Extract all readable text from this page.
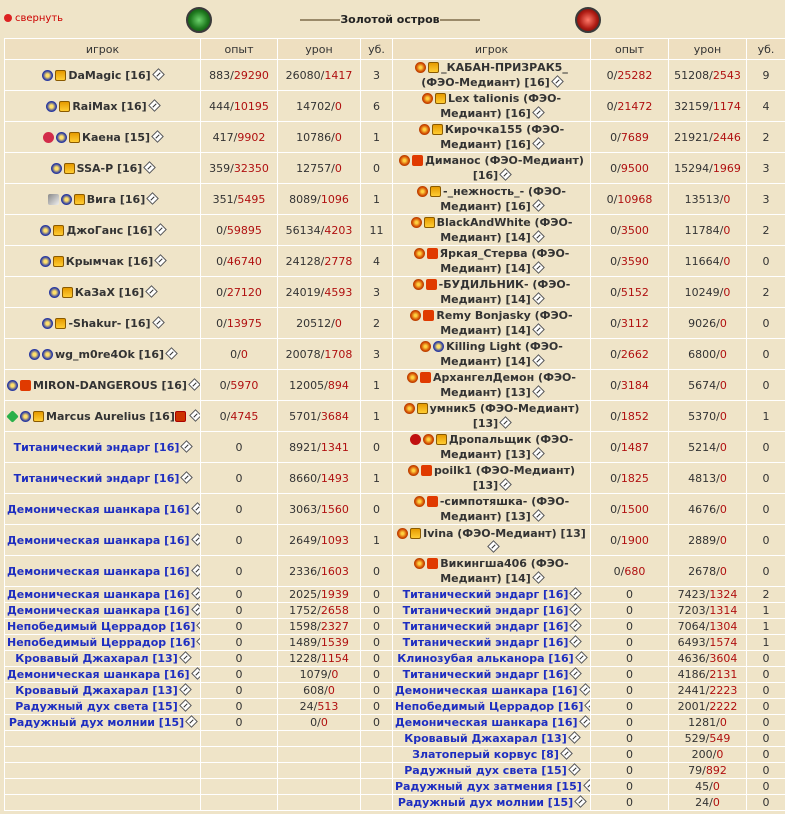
свернуть	Золотой остров
игрок	опыт	урон	уб.	игрок	опыт	урон	уб.
DaMagic [16]	883/29290	26080/1417	3	_КАБАН-ПРИЗРАК5_ (ФЭО-Медиант) [16]	0/25282	51208/2543	9
RaiMax [16]	444/10195	14702/0	6	Lex talionis (ФЭО-Медиант) [16]	0/21472	32159/1174	4
Каена [15]	417/9902	10786/0	1	Кирочка155 (ФЭО-Медиант) [16]	0/7689	21921/2446	2
SSA-P [16]	359/32350	12757/0	0	Диманос (ФЭО-Медиант) [16]	0/9500	15294/1969	3
Вига [16]	351/5495	8089/1096	1	-_нежность_- (ФЭО-Медиант) [16]	0/10968	13513/0	3
ДжоГанс [16]	0/59895	56134/4203	11	BlackAndWhite (ФЭО-Медиант) [14]	0/3500	11784/0	2
Крымчак [16]	0/46740	24128/2778	4	Яркая_Стерва (ФЭО-Медиант) [14]	0/3590	11664/0	0
КаЗаХ [16]	0/27120	24019/4593	3	-БУДИЛЬНИК- (ФЭО-Медиант) [14]	0/5152	10249/0	2
-Shakur- [16]	0/13975	20512/0	2	Remy Bonjasky (ФЭО-Медиант) [14]	0/3112	9026/0	0
wg_m0re4Ok [16]	0/0	20078/1708	3	Killing Light (ФЭО-Медиант) [14]	0/2662	6800/0	0
MIRON-DANGEROUS [16]	0/5970	12005/894	1	АрхангелДемон (ФЭО-Медиант) [13]	0/3184	5674/0	0
Marcus Aurelius [16]	0/4745	5701/3684	1	умник5 (ФЭО-Медиант) [13]	0/1852	5370/0	1
Титанический эндарг [16]	0	8921/1341	0	Дропальщик (ФЭО-Медиант) [13]	0/1487	5214/0	0
Титанический эндарг [16]	0	8660/1493	1	poilk1 (ФЭО-Медиант) [13]	0/1825	4813/0	0
Демоническая шанкара [16]	0	3063/1560	0	-симпотяшка- (ФЭО-Медиант) [13]	0/1500	4676/0	0
Демоническая шанкара [16]	0	2649/1093	1	Ivina (ФЭО-Медиант) [13]	0/1900	2889/0	0
Демоническая шанкара [16]	0	2336/1603	0	Викингша406 (ФЭО-Медиант) [14]	0/680	2678/0	0
Демоническая шанкара [16]	0	2025/1939	0	Титанический эндарг [16]	0	7423/1324	2
Демоническая шанкара [16]	0	1752/2658	0	Титанический эндарг [16]	0	7203/1314	1
Непобедимый Церрадор [16]	0	1598/2327	0	Титанический эндарг [16]	0	7064/1304	1
Непобедимый Церрадор [16]	0	1489/1539	0	Титанический эндарг [16]	0	6493/1574	1
Кровавый Джахарал [13]	0	1228/1154	0	Клинозубая альканора [16]	0	4636/3604	0
Демоническая шанкара [16]	0	1079/0	0	Титанический эндарг [16]	0	4186/2131	0
Кровавый Джахарал [13]	0	608/0	0	Демоническая шанкара [16]	0	2441/2223	0
Радужный дух света [15]	0	24/513	0	Непобедимый Церрадор [16]	0	2001/2222	0
Радужный дух молнии [15]	0	0/0	0	Демоническая шанкара [16]	0	1281/0	0
				Кровавый Джахарал [13]	0	529/549	0
				Златоперый корвус [8]	0	200/0	0
				Радужный дух света [15]	0	79/892	0
				Радужный дух затмения [15]	0	45/0	0
				Радужный дух молнии [15]	0	24/0	0
